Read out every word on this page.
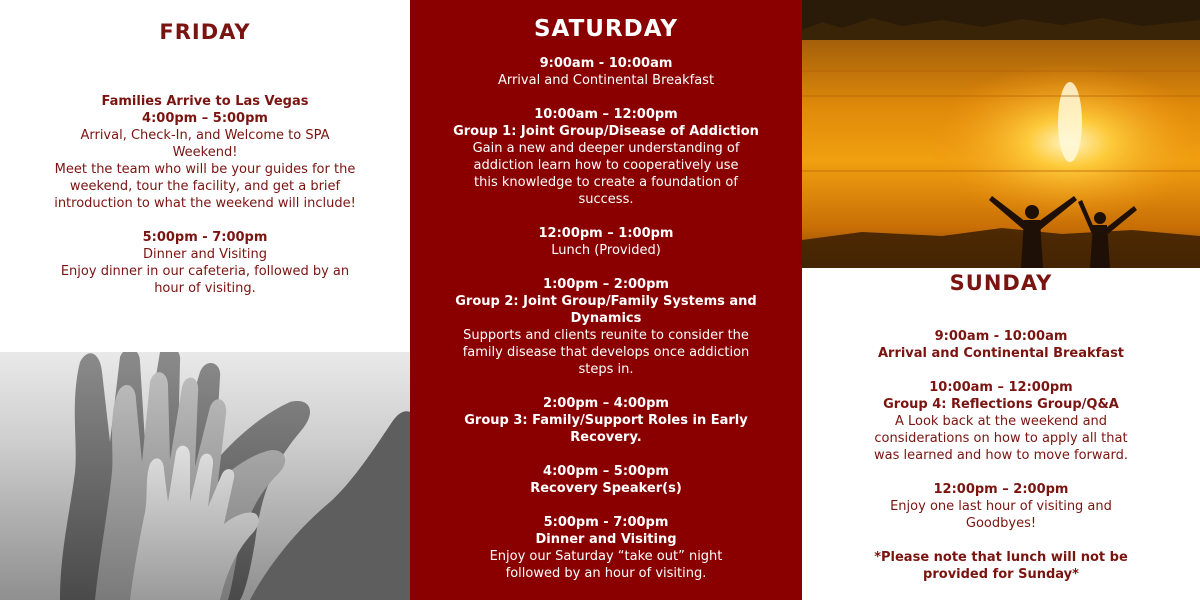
FRIDAY
Families Arrive to Las Vegas
4:00pm – 5:00pm
Arrival, Check-In, and Welcome to SPA
Weekend!
Meet the team who will be your guides for the
weekend, tour the facility, and get a brief
introduction to what the weekend will include!

5:00pm - 7:00pm
Dinner and Visiting
Enjoy dinner in our cafeteria, followed by an
hour of visiting.
SATURDAY
9:00am - 10:00am
Arrival and Continental Breakfast

10:00am – 12:00pm
Group 1: Joint Group/Disease of Addiction
Gain a new and deeper understanding of
addiction learn how to cooperatively use
this knowledge to create a foundation of
success.

12:00pm – 1:00pm
Lunch (Provided)

1:00pm – 2:00pm
Group 2: Joint Group/Family Systems and
Dynamics
Supports and clients reunite to consider the
family disease that develops once addiction
steps in.

2:00pm – 4:00pm
Group 3: Family/Support Roles in Early
Recovery.

4:00pm – 5:00pm
Recovery Speaker(s)

5:00pm - 7:00pm
Dinner and Visiting
Enjoy our Saturday “take out” night
followed by an hour of visiting.
SUNDAY
9:00am - 10:00am
Arrival and Continental Breakfast

10:00am – 12:00pm
Group 4: Reflections Group/Q&A
A Look back at the weekend and
considerations on how to apply all that
was learned and how to move forward.

12:00pm – 2:00pm
Enjoy one last hour of visiting and
Goodbyes!

*Please note that lunch will not be
provided for Sunday*
